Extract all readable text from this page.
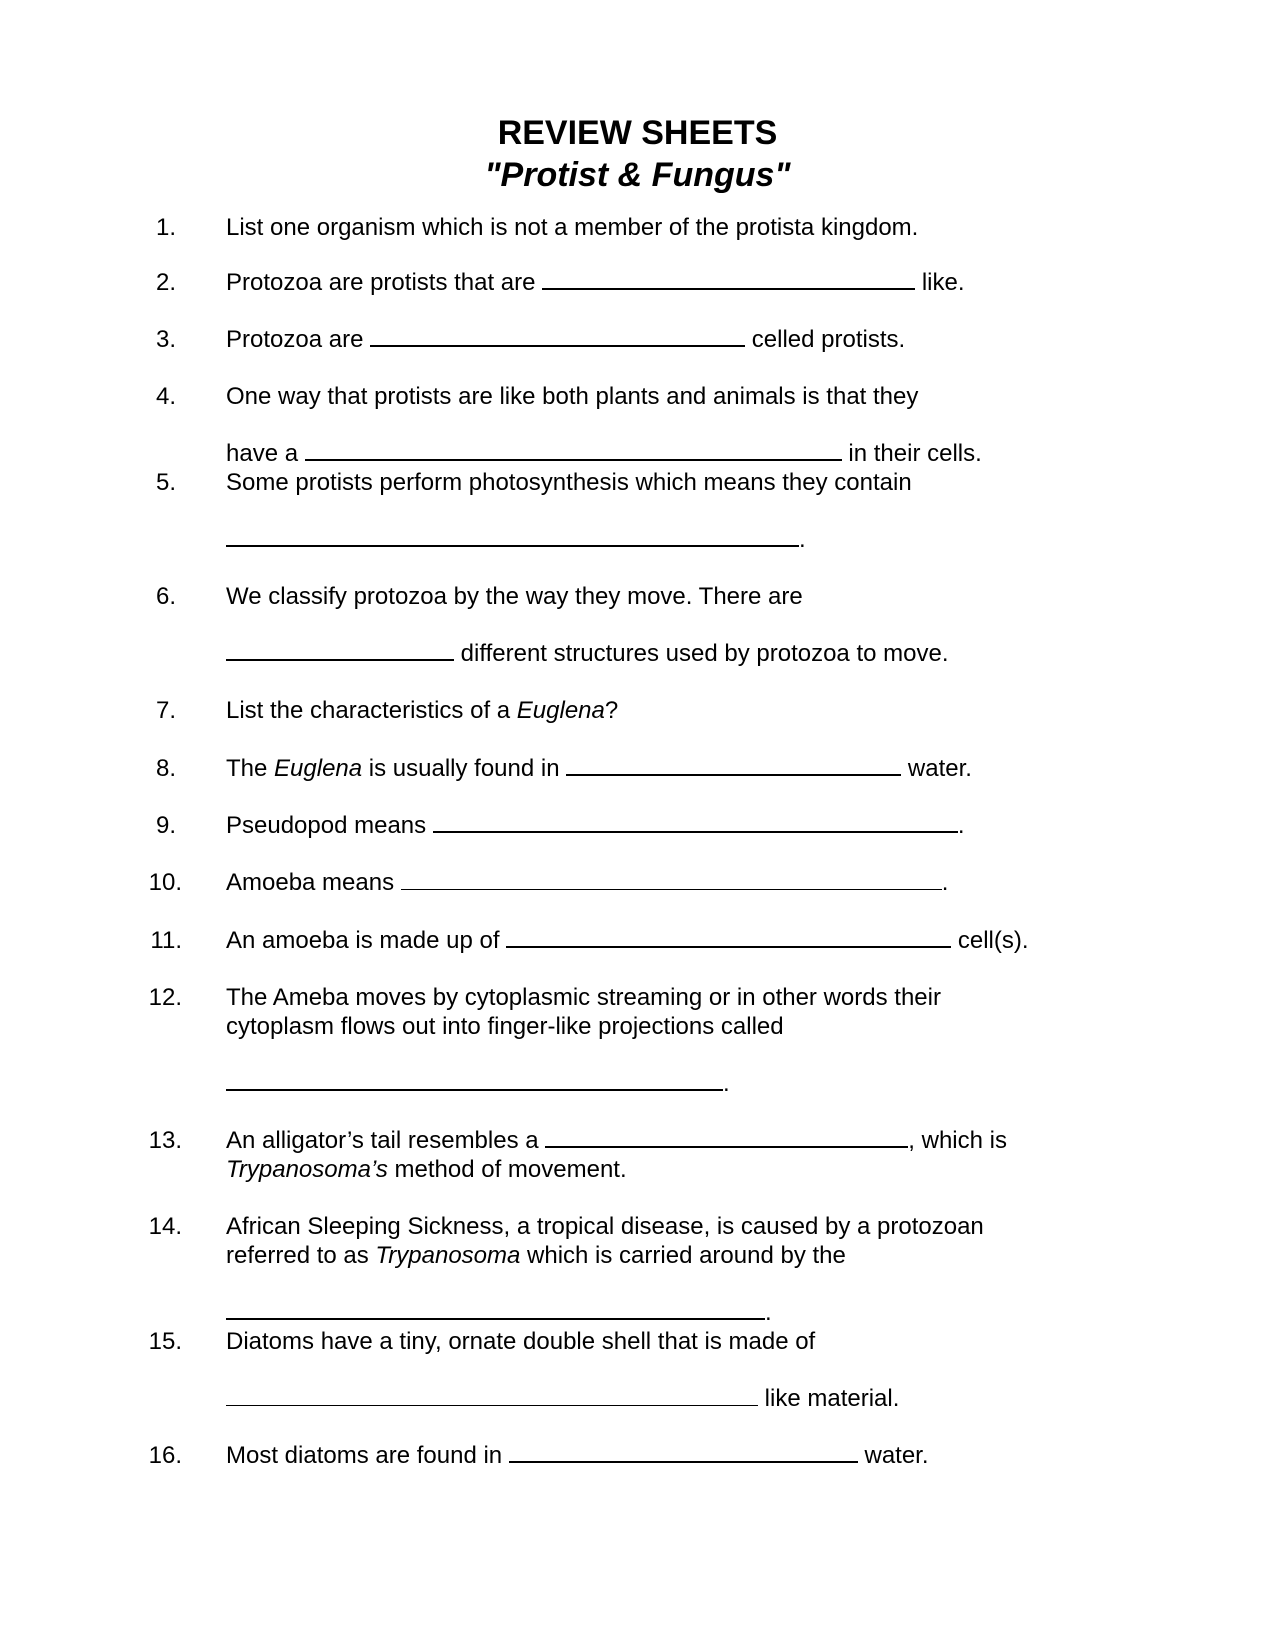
REVIEW SHEETS
"Protist & Fungus"
1. List one organism which is not a member of the protista kingdom.
2. Protozoa are protists that are	like.
3. Protozoa are	celled protists.
4. One way that protists are like both plants and animals is that they
have a	in their cells.
5. Some protists perform photosynthesis which means they contain
.
6. We classify protozoa by the way they move. There are
different structures used by protozoa to move.
7. List the characteristics of a Euglena?
8. The Euglena is usually found in	water.
9. Pseudopod means	.
10. Amoeba means	.
11. An amoeba is made up of	cell(s).
12. The Ameba moves by cytoplasmic streaming or in other words their
cytoplasm flows out into finger-like projections called
.
13. An alligator’s tail resembles a	, which is
Trypanosoma’s method of movement.
14. African Sleeping Sickness, a tropical disease, is caused by a protozoan
referred to as Trypanosoma which is carried around by the
.
15. Diatoms have a tiny, ornate double shell that is made of
like material.
16. Most diatoms are found in	water.
